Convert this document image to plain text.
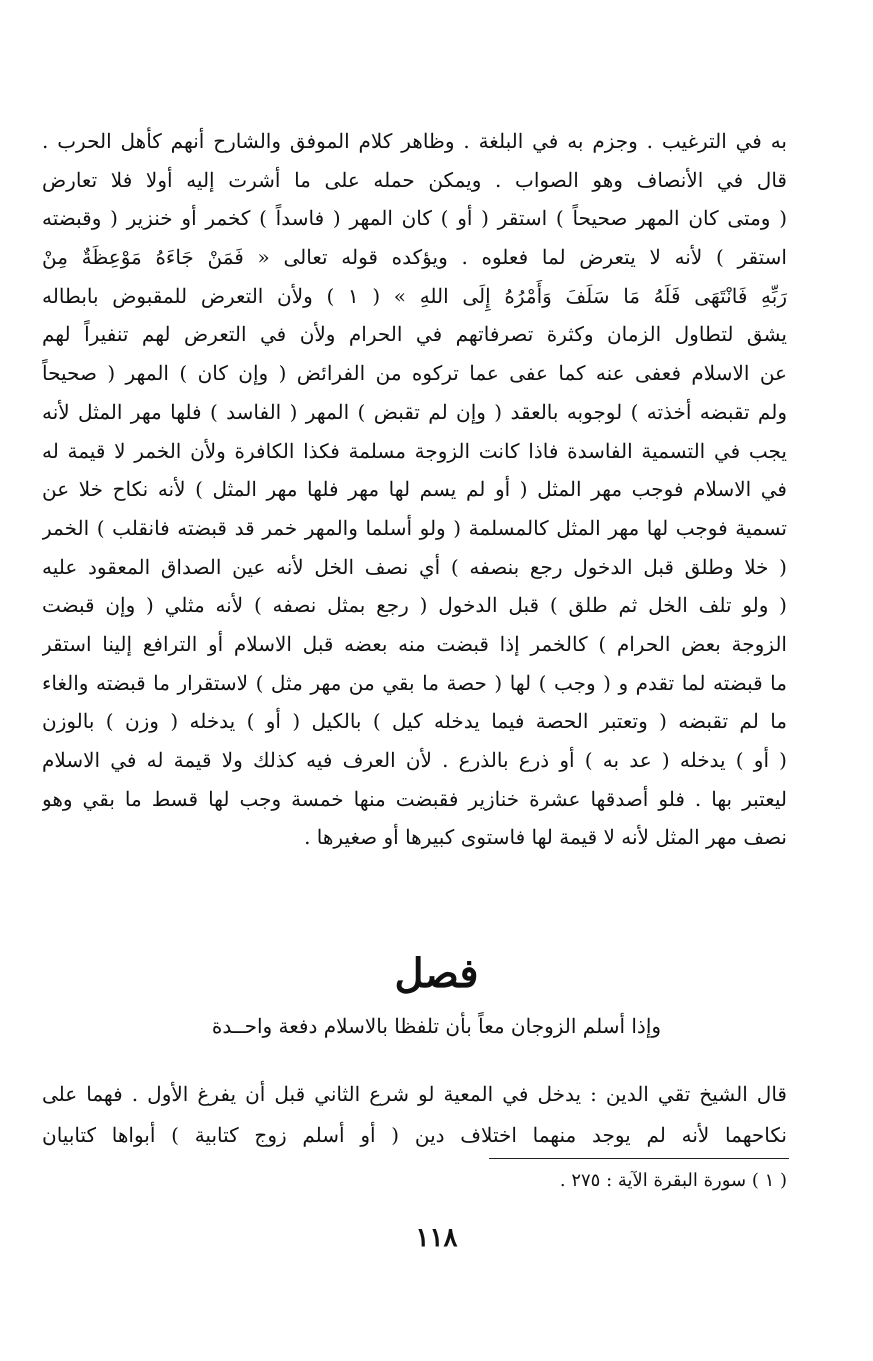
به في الترغيب . وجزم به في البلغة . وظاهر كلام الموفق والشارح أنهم كأهل الحرب .
قال في الأنصاف وهو الصواب . ويمكن حمله على ما أشرت إليه أولا فلا تعارض
( ومتى كان المهر صحيحاً ) استقر ( أو ) كان المهر ( فاسداً ) كخمر أو خنزير ( وقبضته
استقر ) لأنه لا يتعرض لما فعلوه . ويؤكده قوله تعالى « فَمَنْ جَاءَهُ مَوْعِظَةٌ مِنْ
رَبِّهِ فَانْتَهَى فَلَهُ مَا سَلَفَ وَأَمْرُهُ إِلَى اللهِ » ( ١ ) ولأن التعرض للمقبوض بابطاله
يشق لتطاول الزمان وكثرة تصرفاتهم في الحرام ولأن في التعرض لهم تنفيراً لهم
عن الاسلام فعفى عنه كما عفى عما تركوه من الفرائض ( وإن كان ) المهر ( صحيحاً
ولم تقبضه أخذته ) لوجوبه بالعقد ( وإن لم تقبض ) المهر ( الفاسد ) فلها مهر المثل لأنه
يجب في التسمية الفاسدة فاذا كانت الزوجة مسلمة فكذا الكافرة ولأن الخمر لا قيمة له
في الاسلام فوجب مهر المثل ( أو لم يسم لها مهر فلها مهر المثل ) لأنه نكاح خلا عن
تسمية فوجب لها مهر المثل كالمسلمة ( ولو أسلما والمهر خمر قد قبضته فانقلب ) الخمر
( خلا وطلق قبل الدخول رجع بنصفه ) أي نصف الخل لأنه عين الصداق المعقود عليه
( ولو تلف الخل ثم طلق ) قبل الدخول ( رجع بمثل نصفه ) لأنه مثلي ( وإن قبضت
الزوجة بعض الحرام ) كالخمر إذا قبضت منه بعضه قبل الاسلام أو الترافع إلينا استقر
ما قبضته لما تقدم و ( وجب ) لها ( حصة ما بقي من مهر مثل ) لاستقرار ما قبضته والغاء
ما لم تقبضه ( وتعتبر الحصة فيما يدخله كيل ) بالكيل ( أو ) يدخله ( وزن ) بالوزن
( أو ) يدخله ( عد به ) أو ذرع بالذرع . لأن العرف فيه كذلك ولا قيمة له في الاسلام
ليعتبر بها . فلو أصدقها عشرة خنازير فقبضت منها خمسة وجب لها قسط ما بقي وهو
نصف مهر المثل لأنه لا قيمة لها فاستوى كبيرها أو صغيرها .
فصل
وإذا أسلم الزوجان معاً بأن تلفظا بالاسلام دفعة واحــدة
قال الشيخ تقي الدين : يدخل في المعية لو شرع الثاني قبل أن يفرغ الأول . فهما على
نكاحهما لأنه لم يوجد منهما اختلاف دين ( أو أسلم زوج كتابية ) أبواها كتابيان
( ١ ) سورة البقرة الآية : ٢٧٥ .
١١٨
